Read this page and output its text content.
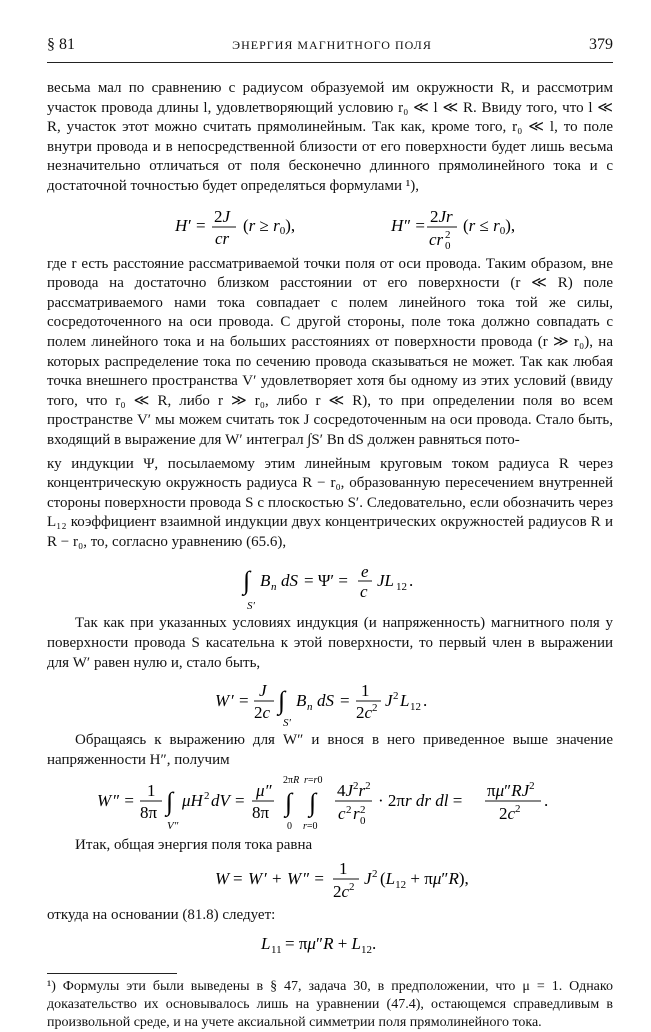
§ 81	ЭНЕРГИЯ МАГНИТНОГО ПОЛЯ	379

весьма мал по сравнению с радиусом образуемой им окружности R, и рассмотрим участок провода длины l, удовлетворяющий условию r₀ ≪ l ≪ R. Ввиду того, что l ≪ R, участок этот можно считать прямолинейным. Так как, кроме того, r₀ ≪ l, то поле внутри провода и в непосредственной близости от его поверхности будет лишь весьма незначительно отличаться от поля бесконечно длинного прямолинейного тока и с достаточной точностью будет определяться формулами ¹),

H ′ = 2J
cr
(r ≥ r0),	H ″ = 2Jr
cr 0
2 (r ≤ r0),

где r есть расстояние рассматриваемой точки поля от оси провода. Таким образом, вне провода на достаточно близком расстоянии от его поверхности (r ≪ R) поле рассматриваемого нами тока совпадает с полем линейного тока той же силы, сосредоточенного на оси провода. С другой стороны, поле тока должно совпадать с полем линейного тока и на больших расстояниях от поверхности провода (r ≫ r₀), на которых распределение тока по сечению провода сказываться не может. Так как любая точка внешнего пространства V′ удовлетворяет хотя бы одному из этих условий (ввиду того, что r₀ ≪ R, либо r ≫ r₀, либо r ≪ R), то при определении поля во всем пространстве V′ мы можем считать ток J сосредоточенным на оси провода. Стало быть, входящий в выражение для W′ интеграл ∫S′ Bn dS должен равняться пото-

ку индукции Ψ, посылаемому этим линейным круговым током радиуса R через концентрическую окружность радиуса R − r₀, образованную пересечением внутренней стороны поверхности провода S с плоскостью S′. Следовательно, если обозначить через L₁₂ коэффициент взаимной индукции двух концентрических окружностей радиусов R и R − r₀, то, согласно уравнению (65.6),

∫
S′
B n dS = Ψ′ = e
c
JL 12 .

Так как при указанных условиях индукция (и напряженность) магнитного поля у поверхности провода S касательна к этой поверхности, то первый член в выражении для W′ равен нулю и, стало быть,

W ′ =
J
2c ∫
S′
B n dS =
1
$2c^2$ J 2 L 12 .

Обращаясь к выражению для W″ и внося в него приведенное выше значение напряженности H″, получим

W ″ =
1
8π ∫
V″
μH 2 dV =
μ″
8π
2πR
∫
0
r=r0
∫
r=0
$4J^2r^2$
c 2 r 2
0
· 2πr dr dl =
$\pi\mu''RJ^2$
$2c^2$ .

Итак, общая энергия поля тока равна

W = W ′ + W ″ =
1
$2c^2$ J 2 $(L_{12} + \pi\mu''R)$,

откуда на основании (81.8) следует:

L $11 = \pi\mu''R + L_{12}$.

¹) Формулы эти были выведены в § 47, задача 30, в предположении, что μ = 1. Однако доказательство их основывалось лишь на уравнении (47.4), остающемся справедливым в произвольной среде, и на учете аксиальной симметрии поля прямолинейного тока.
